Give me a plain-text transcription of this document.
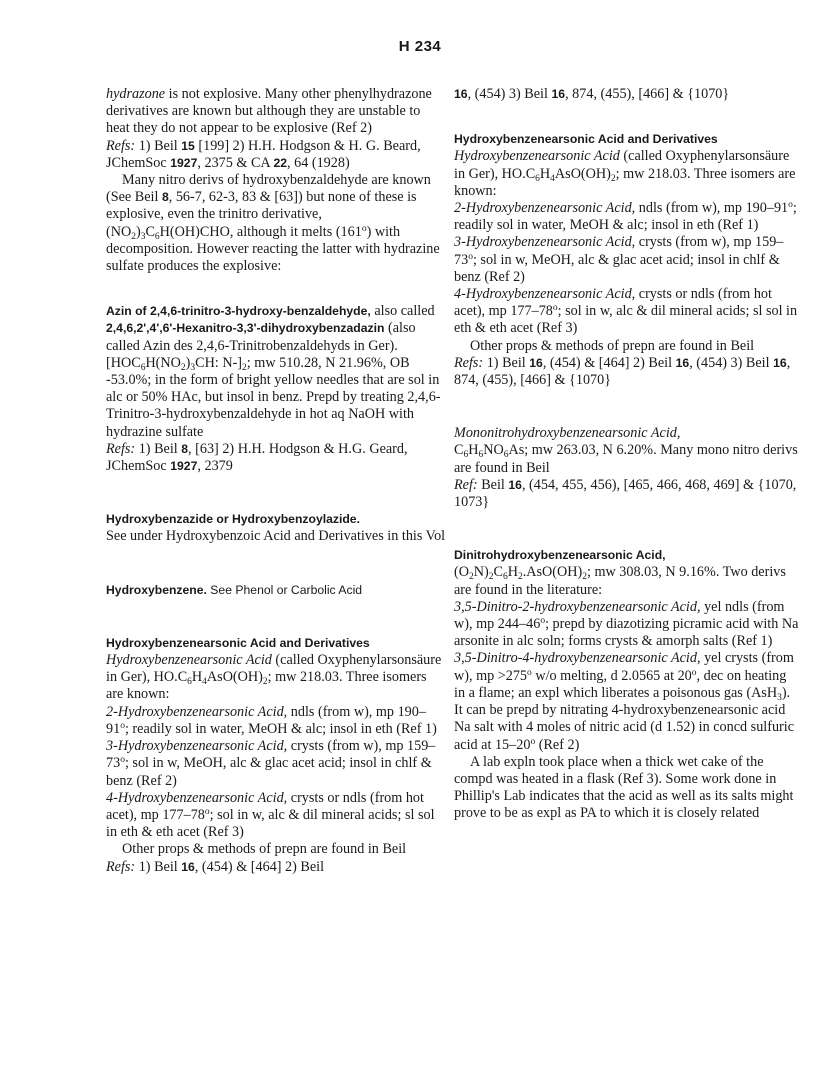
H 234

hydrazone is not explosive. Many other phenylhydrazone derivatives are known but although they are unstable to heat they do not appear to be explosive (Ref 2)

Refs: 1) Beil 15 [199] 2) H.H. Hodgson & H. G. Beard, JChemSoc 1927, 2375 & CA 22, 64 (1928)

Many nitro derivs of hydroxybenzaldehyde are known (See Beil 8, 56-7, 62-3, 83 & [63]) but none of these is explosive, even the trinitro derivative, $(NO_2)_3C_6H(OH)CHO$, although it melts (161$^o$) with decomposition. However reacting the latter with hydrazine sulfate produces the explosive:

Azin of 2,4,6-trinitro-3-hydroxy-benzaldehyde, also called 2,4,6,2',4',6'-Hexanitro-3,3'-dihydroxybenzadazin (also called Azin des 2,4,6-Trinitrobenzaldehyds in Ger). [$HOC_6H(NO_2)_3CH$: $N-]_2$; mw 510.28, N 21.96%, OB -53.0%; in the form of bright yellow needles that are sol in alc or 50% HAc, but insol in benz. Prepd by treating 2,4,6-Trinitro-3-hydroxybenzaldehyde in hot aq NaOH with hydrazine sulfate

Refs: 1) Beil 8, [63] 2) H.H. Hodgson & H.G. Geard, JChemSoc 1927, 2379

Hydroxybenzazide or Hydroxybenzoylazide.
See under Hydroxybenzoic Acid and Derivatives in this Vol

Hydroxybenzene. See Phenol or Carbolic Acid

Hydroxybenzenearsonic Acid and Derivatives
Hydroxybenzenearsonic Acid (called Oxyphenylarsonsäure in Ger), $HO.C_6H_4AsO(OH)_2$; mw 218.03. Three isomers are known:

2-Hydroxybenzenearsonic Acid, ndls (from w), mp 190–91$^o$; readily sol in water, MeOH & alc; insol in eth (Ref 1)

3-Hydroxybenzenearsonic Acid, crysts (from w), mp 159–73$^o$; sol in w, MeOH, alc & glac acet acid; insol in chlf & benz (Ref 2)

4-Hydroxybenzenearsonic Acid, crysts or ndls (from hot acet), mp 177–78$^o$; sol in w, alc & dil mineral acids; sl sol in eth & eth acet (Ref 3)

Other props & methods of prepn are found in Beil

Refs: 1) Beil 16, (454) & [464] 2) Beil

16, (454) 3) Beil 16, 874, (455), [466] & {1070}

Hydroxybenzenearsonic Acid and Derivatives
Hydroxybenzenearsonic Acid (called Oxyphenylarsonsäure in Ger), $HO.C_6H_4AsO(OH)_2$; mw 218.03. Three isomers are known:

2-Hydroxybenzenearsonic Acid, ndls (from w), mp 190–91$^o$; readily sol in water, MeOH & alc; insol in eth (Ref 1)

3-Hydroxybenzenearsonic Acid, crysts (from w), mp 159–73$^o$; sol in w, MeOH, alc & glac acet acid; insol in chlf & benz (Ref 2)

4-Hydroxybenzenearsonic Acid, crysts or ndls (from hot acet), mp 177–78$^o$; sol in w, alc & dil mineral acids; sl sol in eth & eth acet (Ref 3)

Other props & methods of prepn are found in Beil

Refs: 1) Beil 16, (454) & [464] 2) Beil 16, (454) 3) Beil 16, 874, (455), [466] & {1070}

Mononitrohydroxybenzenearsonic Acid,
$C_6H_6NO_6As$; mw 263.03, N 6.20%. Many mono nitro derivs are found in Beil

Ref: Beil 16, (454, 455, 456), [465, 466, 468, 469] & {1070, 1073}

Dinitrohydroxybenzenearsonic Acid,
$(O_2N)_2C_6H_2.AsO(OH)_2$; mw 308.03, N 9.16%. Two derivs are found in the literature:

3,5-Dinitro-2-hydroxybenzenearsonic Acid, yel ndls (from w), mp 244–46$^o$; prepd by diazotizing picramic acid with Na arsonite in alc soln; forms crysts & amorph salts (Ref 1)

3,5-Dinitro-4-hydroxybenzenearsonic Acid, yel crysts (from w), mp $>275^o$ w/o melting, d 2.0565 at 20$^o$, dec on heating in a flame; an expl which liberates a poisonous gas (AsH$_3$). It can be prepd by nitrating 4-hydroxybenzenearsonic acid Na salt with 4 moles of nitric acid (d 1.52) in concd sulfuric acid at 15–20$^o$ (Ref 2)

A lab expln took place when a thick wet cake of the compd was heated in a flask (Ref 3). Some work done in Phillip's Lab indicates that the acid as well as its salts might prove to be as expl as PA to which it is closely related
